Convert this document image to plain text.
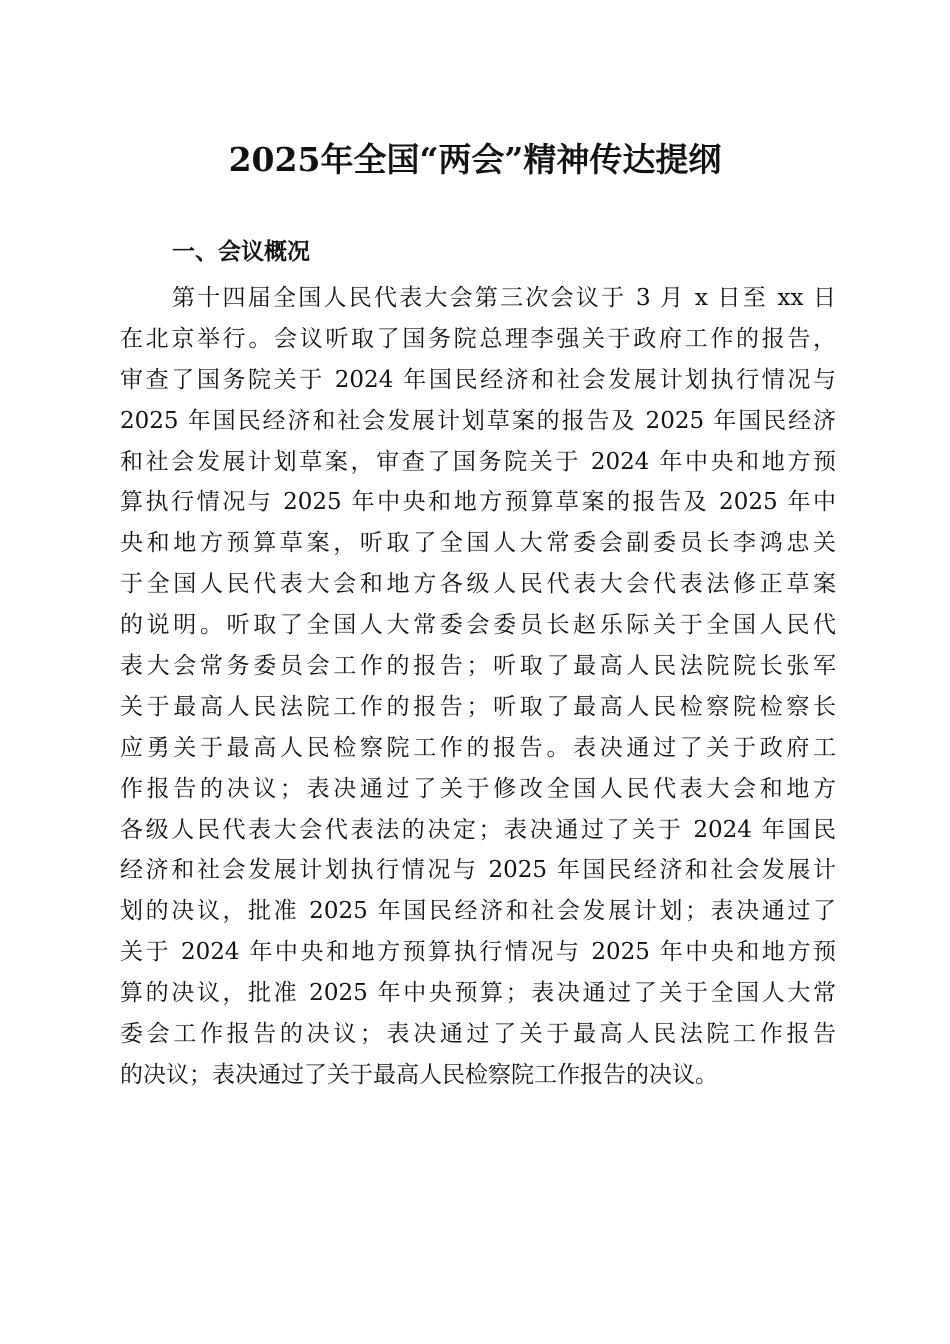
2025年全国“两会”精神传达提纲
一、会议概况
第十四届全国人民代表大会第三次会议于 3 月 x 日至 xx 日
在北京举行。会议听取了国务院总理李强关于政府工作的报告，
审查了国务院关于 2024 年国民经济和社会发展计划执行情况与
2025 年国民经济和社会发展计划草案的报告及 2025 年国民经济
和社会发展计划草案，审查了国务院关于 2024 年中央和地方预
算执行情况与 2025 年中央和地方预算草案的报告及 2025 年中
央和地方预算草案，听取了全国人大常委会副委员长李鸿忠关
于全国人民代表大会和地方各级人民代表大会代表法修正草案
的说明。听取了全国人大常委会委员长赵乐际关于全国人民代
表大会常务委员会工作的报告；听取了最高人民法院院长张军
关于最高人民法院工作的报告；听取了最高人民检察院检察长
应勇关于最高人民检察院工作的报告。表决通过了关于政府工
作报告的决议；表决通过了关于修改全国人民代表大会和地方
各级人民代表大会代表法的决定；表决通过了关于 2024 年国民
经济和社会发展计划执行情况与 2025 年国民经济和社会发展计
划的决议，批准 2025 年国民经济和社会发展计划；表决通过了
关于 2024 年中央和地方预算执行情况与 2025 年中央和地方预
算的决议，批准 2025 年中央预算；表决通过了关于全国人大常
委会工作报告的决议；表决通过了关于最高人民法院工作报告
的决议；表决通过了关于最高人民检察院工作报告的决议。
